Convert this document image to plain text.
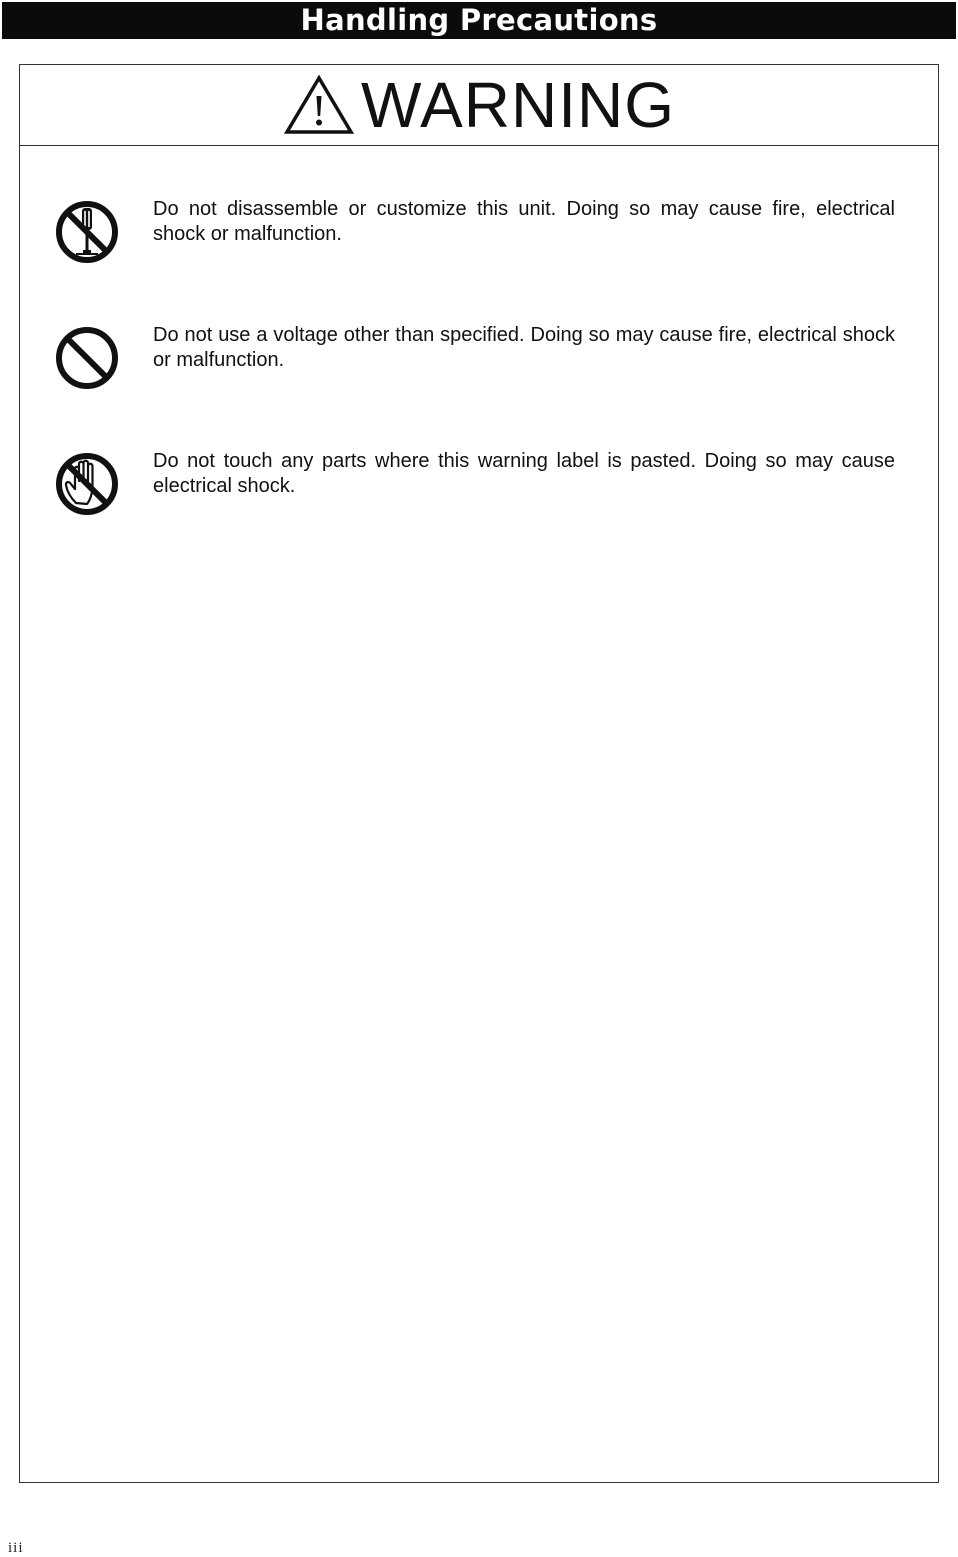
Handling Precautions
WARNING
Do not disassemble or customize this unit. Doing so may cause fire, electrical shock or malfunction.
Do not use a voltage other than specified. Doing so may cause fire, electrical shock or malfunction.
Do not touch any parts where this warning label is pasted. Doing so may cause electrical shock.
iii
